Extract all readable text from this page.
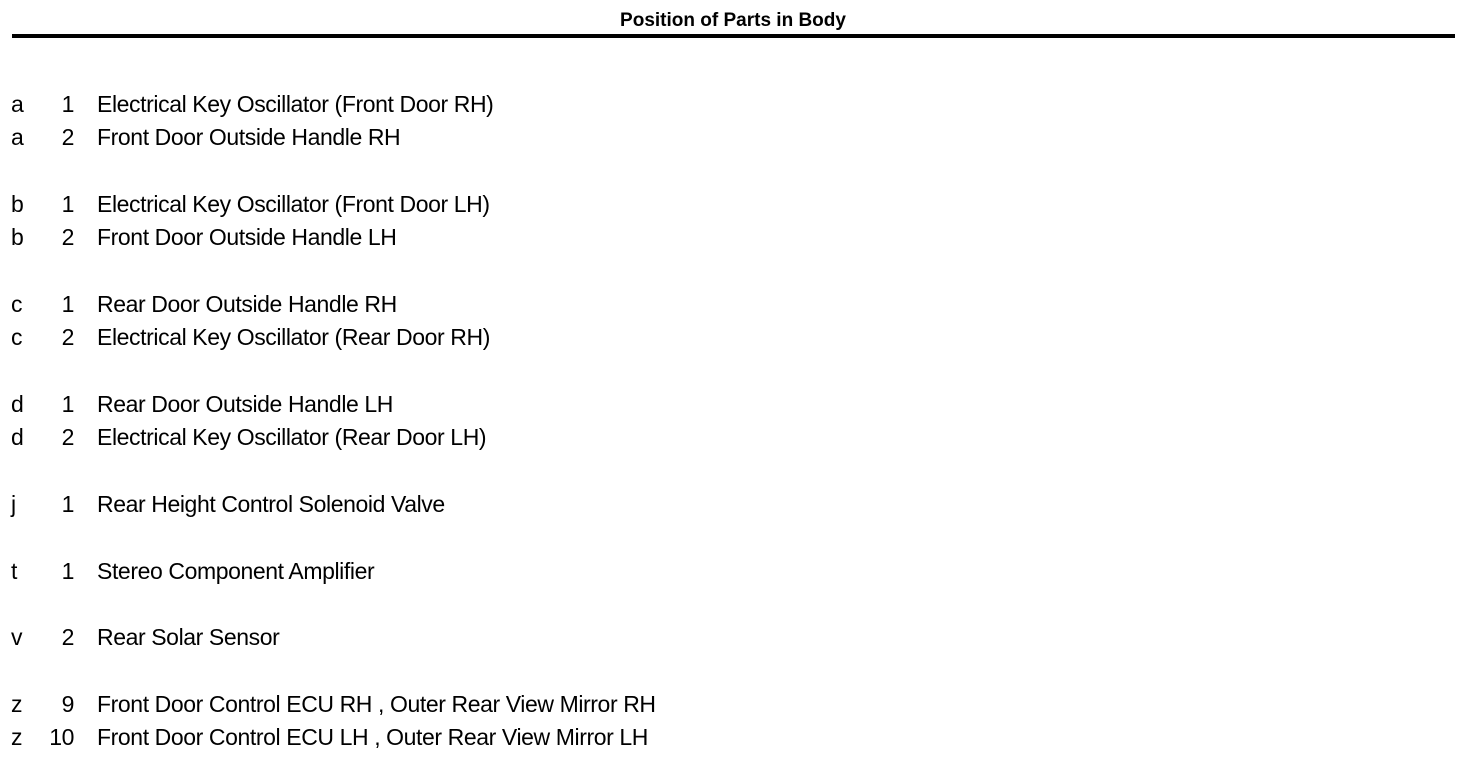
Position of Parts in Body
a	1 Electrical Key Oscillator (Front Door RH)
a	2 Front Door Outside Handle RH
b	1 Electrical Key Oscillator (Front Door LH)
b	2 Front Door Outside Handle LH
c	1 Rear Door Outside Handle RH
c	2 Electrical Key Oscillator (Rear Door RH)
d	1 Rear Door Outside Handle LH
d	2 Electrical Key Oscillator (Rear Door LH)
j	1 Rear Height Control Solenoid Valve
t	1 Stereo Component Amplifier
v	2 Rear Solar Sensor
z	9 Front Door Control ECU RH , Outer Rear View Mirror RH
z	10 Front Door Control ECU LH , Outer Rear View Mirror LH
